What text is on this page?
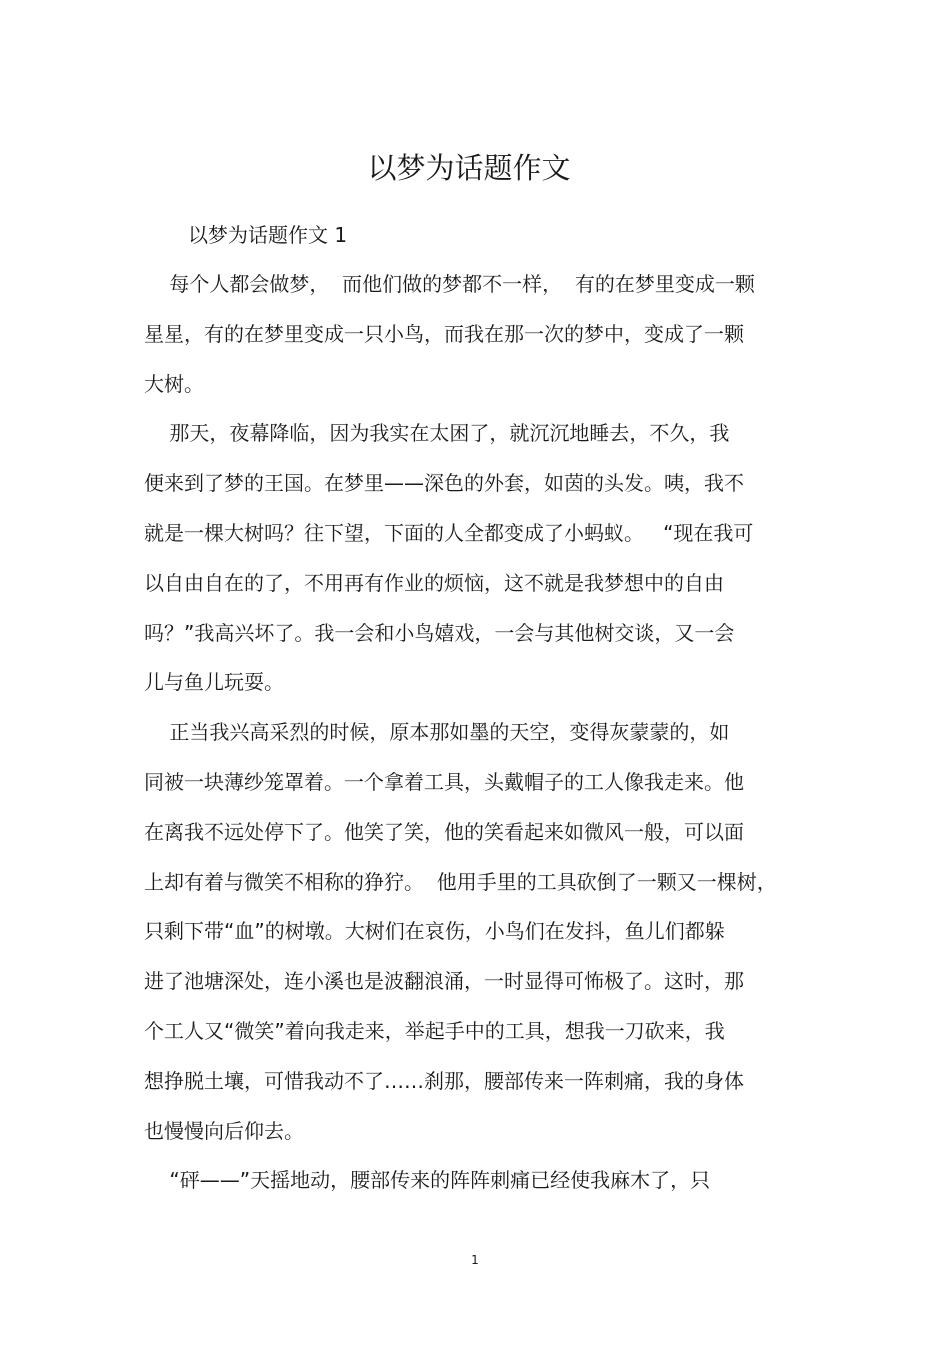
以梦为话题作文
以梦为话题作文 1
每个人都会做梦，  而他们做的梦都不一样，  有的在梦里变成一颗
星星，有的在梦里变成一只小鸟，而我在那一次的梦中，变成了一颗
大树。
那天，夜幕降临，因为我实在太困了，就沉沉地睡去，不久，我
便来到了梦的王国。在梦里——深色的外套，如茵的头发。咦，我不
就是一棵大树吗？往下望，下面的人全都变成了小蚂蚁。   “现在我可
以自由自在的了，不用再有作业的烦恼，这不就是我梦想中的自由
吗？”我高兴坏了。我一会和小鸟嬉戏，一会与其他树交谈，又一会
儿与鱼儿玩耍。
正当我兴高采烈的时候，原本那如墨的天空，变得灰蒙蒙的，如
同被一块薄纱笼罩着。一个拿着工具，头戴帽子的工人像我走来。他
在离我不远处停下了。他笑了笑，他的笑看起来如微风一般，可以面
上却有着与微笑不相称的狰狞。  他用手里的工具砍倒了一颗又一棵树，
只剩下带“血”的树墩。大树们在哀伤，小鸟们在发抖，鱼儿们都躲
进了池塘深处，连小溪也是波翻浪涌，一时显得可怖极了。这时，那
个工人又“微笑”着向我走来，举起手中的工具，想我一刀砍来，我
想挣脱土壤，可惜我动不了……刹那，腰部传来一阵刺痛，我的身体
也慢慢向后仰去。
“砰——”天摇地动，腰部传来的阵阵刺痛已经使我麻木了，只
1
